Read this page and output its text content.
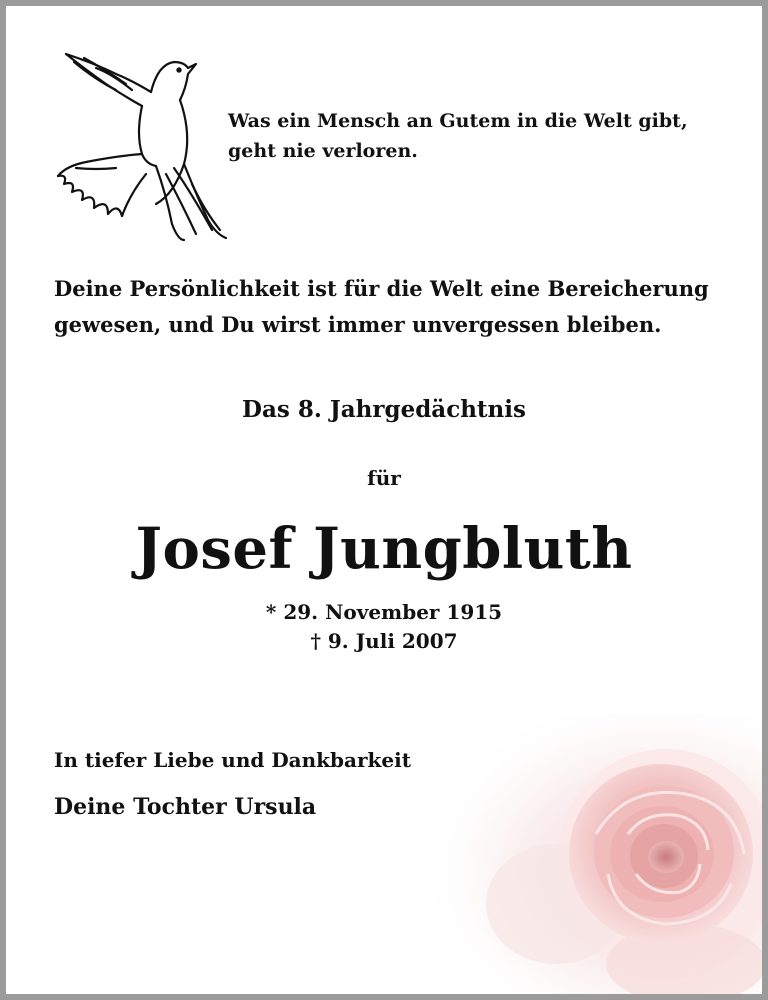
Was ein Mensch an Gutem in die Welt gibt,
geht nie verloren.
Deine Persönlichkeit ist für die Welt eine Bereicherung
gewesen, und Du wirst immer unvergessen bleiben.
Das 8. Jahrgedächtnis
für
Josef Jungbluth
* 29. November 1915
† 9. Juli 2007
In tiefer Liebe und Dankbarkeit
Deine Tochter Ursula
